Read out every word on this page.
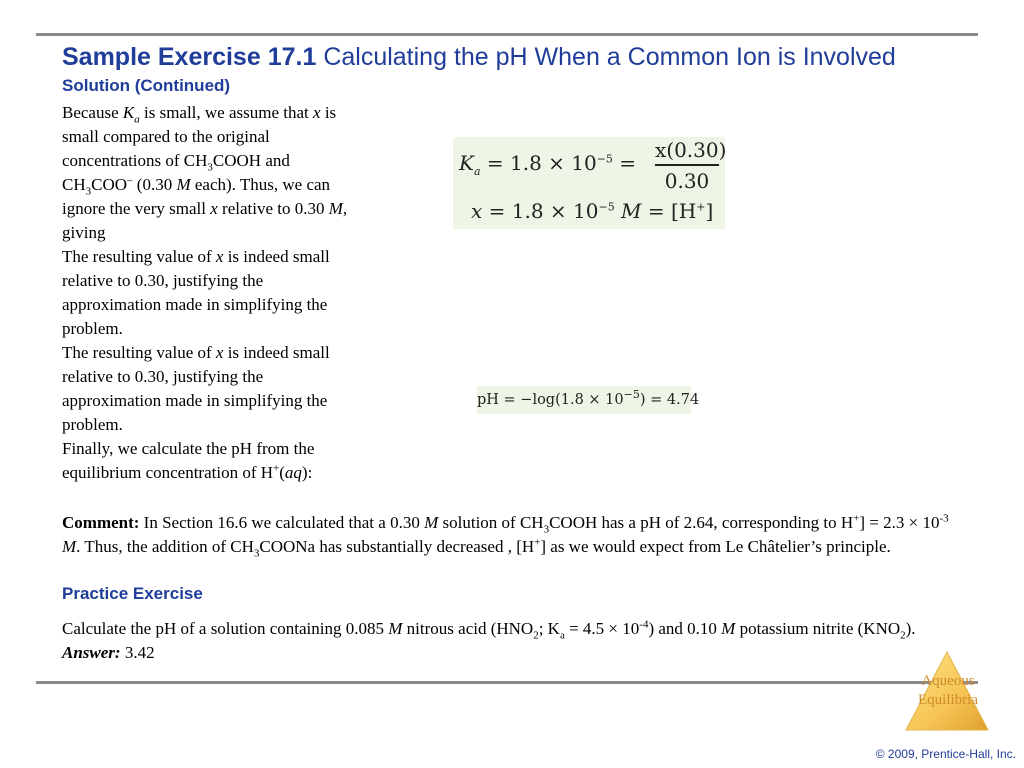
Sample Exercise 17.1 Calculating the pH When a Common Ion is Involved
Solution (Continued)

Because $K_a$ is small, we assume that x is small compared to the original concentrations of $CH_3COOH$ and $CH_3COO^-$ (0.30 M each). Thus, we can ignore the very small x relative to 0.30 M, giving

The resulting value of x is indeed small relative to 0.30, justifying the approximation made in simplifying the problem.

The resulting value of x is indeed small relative to 0.30, justifying the approximation made in simplifying the problem.

Finally, we calculate the pH from the equilibrium concentration of H+(aq):

$K_a = 1.8 \times 10^{-5}$ =
x(0.30)
0.30
$x = 1.8 \times 10^{-5}$ M = [H+]
pH = $-\log(1.8 \times 10^{-5}) = 4.74$

Comment: In Section 16.6 we calculated that a 0.30 M solution of $CH_3COOH$ has a pH of 2.64, corresponding to $H^+] = 2.3 \times 10^{-3}$ M. Thus, the addition of $CH_3COONa$ has substantially decreased , [H+] as we would expect from Le Châtelier’s principle.

Practice Exercise

Calculate the pH of a solution containing 0.085 M nitrous acid ($HNO_2$; $K_a = 4.5 \times 10^{-4}$) and 0.10 M potassium nitrite $(KNO_2)$.

Answer: 3.42

Aqueous
Equilibria
© 2009, Prentice-Hall, Inc.
